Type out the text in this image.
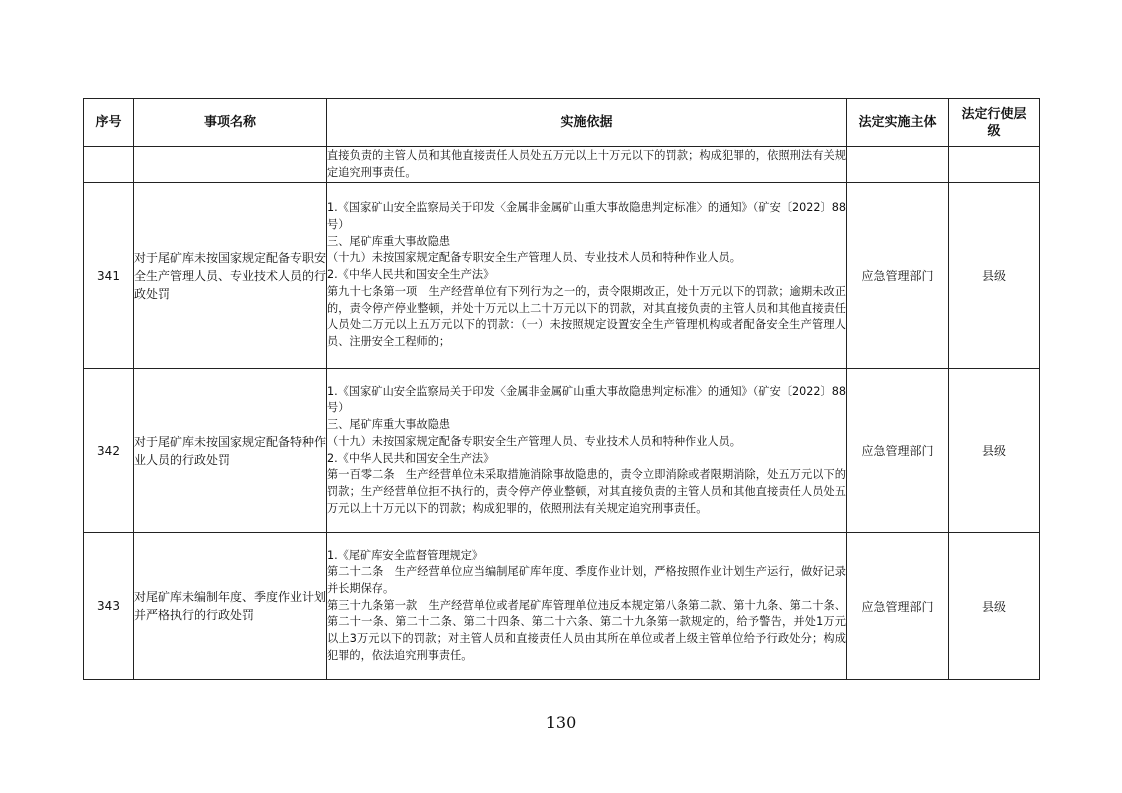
序号	事项名称	实施依据	法定实施主体	法定行使层级

		直接负责的主管人员和其他直接责任人员处五万元以上十万元以下的罚款；构成犯罪的，依照刑法有关规定追究刑事责任。		

341	对于尾矿库未按国家规定配备专职安全生产管理人员、专业技术人员的行政处罚	1.《国家矿山安全监察局关于印发〈金属非金属矿山重大事故隐患判定标准〉的通知》（矿安〔2022〕88号）

三、尾矿库重大事故隐患

（十九）未按国家规定配备专职安全生产管理人员、专业技术人员和特种作业人员。

2.《中华人民共和国安全生产法》

第九十七条第一项　生产经营单位有下列行为之一的，责令限期改正，处十万元以下的罚款；逾期未改正的，责令停产停业整顿，并处十万元以上二十万元以下的罚款，对其直接负责的主管人员和其他直接责任人员处二万元以上五万元以下的罚款：（一）未按照规定设置安全生产管理机构或者配备安全生产管理人员、注册安全工程师的；	应急管理部门	县级
342	对于尾矿库未按国家规定配备特种作业人员的行政处罚	1.《国家矿山安全监察局关于印发〈金属非金属矿山重大事故隐患判定标准〉的通知》（矿安〔2022〕88号）

三、尾矿库重大事故隐患

（十九）未按国家规定配备专职安全生产管理人员、专业技术人员和特种作业人员。

2.《中华人民共和国安全生产法》

第一百零二条　生产经营单位未采取措施消除事故隐患的，责令立即消除或者限期消除，处五万元以下的罚款；生产经营单位拒不执行的，责令停产停业整顿，对其直接负责的主管人员和其他直接责任人员处五万元以上十万元以下的罚款；构成犯罪的，依照刑法有关规定追究刑事责任。	应急管理部门	县级
343	对尾矿库未编制年度、季度作业计划并严格执行的行政处罚	1.《尾矿库安全监督管理规定》

第二十二条　生产经营单位应当编制尾矿库年度、季度作业计划，严格按照作业计划生产运行，做好记录并长期保存。

第三十九条第一款　生产经营单位或者尾矿库管理单位违反本规定第八条第二款、第十九条、第二十条、第二十一条、第二十二条、第二十四条、第二十六条、第二十九条第一款规定的，给予警告，并处1万元以上3万元以下的罚款；对主管人员和直接责任人员由其所在单位或者上级主管单位给予行政处分；构成犯罪的，依法追究刑事责任。	应急管理部门	县级
130
